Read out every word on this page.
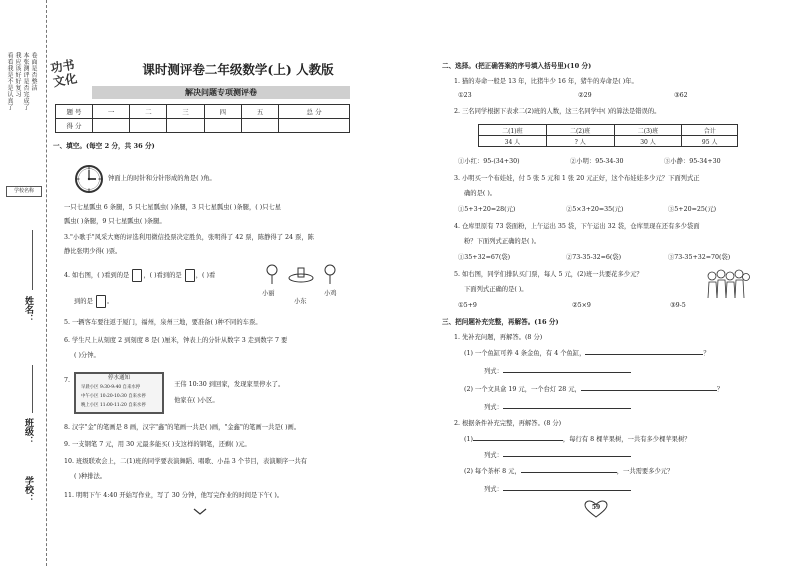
看看我是不是认真了 我应该好好复习 本张测评是否完成了 卷面是否整洁
学校名称
姓名：
班级：
学校：
功书
文化
课时测评卷二年级数学(上) 人教版
解决问题专项测评卷
题 号	一	二	三	四	五	总 分
得 分						
一、填空。(每空 2 分，共 36 分)
钟面上的时针和分针形成的角是( )角。
一只七星瓢虫 6 条腿，5 只七星瓢虫( )条腿，3 只七星瓢虫( )条腿，( )只七星
瓢虫( )条腿，9 只七星瓢虫( )条腿。
3."小歌手"风采大赛的评选利用微信投票决定胜负，张明得了 42 票，陈静得了 24 票，陈
静比张明少得( )票。
4. 如右图，( )看到的是 ，( )看到的是 ，( )看
到的是 。
小丽
小东
小鸡
5. 一辆客车要往返于厦门，福州，泉州三地，要准备( )种不同的车票。
6. 学生尺上从刻度 2 到刻度 8 是( )厘米，钟表上的分针从数字 3 走到数字 7 要
( )分钟。
7.	停水通知
早晨小区 9:30-9:40 自来水停
中午小区 10:20-10:30 自来水停
晚上小区 11:00-11:20 自来水停
王伟 10:30 到回家，发现家里停水了。
他家在( )小区。
8. 汉字"金"的笔画是 8 画，汉字"鑫"的笔画一共是( )画，"金鑫"的笔画一共是( )画。
9. 一支钢笔 7 元，用 30 元最多能买( )支这样的钢笔，还剩( )元。
10. 班级联欢会上，二(1)班的同学要表演舞蹈、唱歌、小品 3 个节目，表演顺序一共有
( )种排法。
11. 明明下午 4:40 开始写作业，写了 30 分钟，他写完作业的时间是下午( )。
二、选择。(把正确答案的序号填入括号里)(10 分)
1. 猫的寿命一般是 13 年，比猪牛少 16 年，猪牛的寿命是( )年。
①23	②29	③62
2. 三名同学根据下表求二(2)班的人数，这三名同学中( )的算法是错误的。
二(1)班	二(2)班	二(3)班	合计
34 人	? 人	30 人	95 人
①小红：95-(34+30)	②小明：95-34-30	③小静：95-34+30
3. 小明买一个布娃娃，付 5 张 5 元和 1 张 20 元正好，这个布娃娃多少元？下面列式正
确的是( )。
①5+3+20=28(元)	②5×3+20=35(元)	③5+20=25(元)
4. 仓库里原有 73 袋面粉，上午运出 35 袋，下午运出 32 袋，仓库里现在还有多少袋面
粉？下面列式正确的是( )。
①35+32=67(袋)	②73-35-32=6(袋)	③73-35+32=70(袋)
5. 如右图，同学们排队买门票，每人 5 元，(2)班一共要花多少元？
下面列式正确的是( )。
①5+9	②5×9	③9-5
三、把问题补充完整，再解答。(16 分)
1. 先补充问题，再解答。(8 分)
(1) 一个鱼缸可养 4 条金鱼，有 4 个鱼缸，	？
列式：
(2) 一个文具盒 19 元，一个台灯 28 元，	？
列式：
2. 根据条件补充完整，再解答。(8 分)
(1)	，每行有 8 棵苹果树，一共有多少棵苹果树？
列式：
(2) 每个茶杯 8 元，	，一共需要多少元？
列式：
59
